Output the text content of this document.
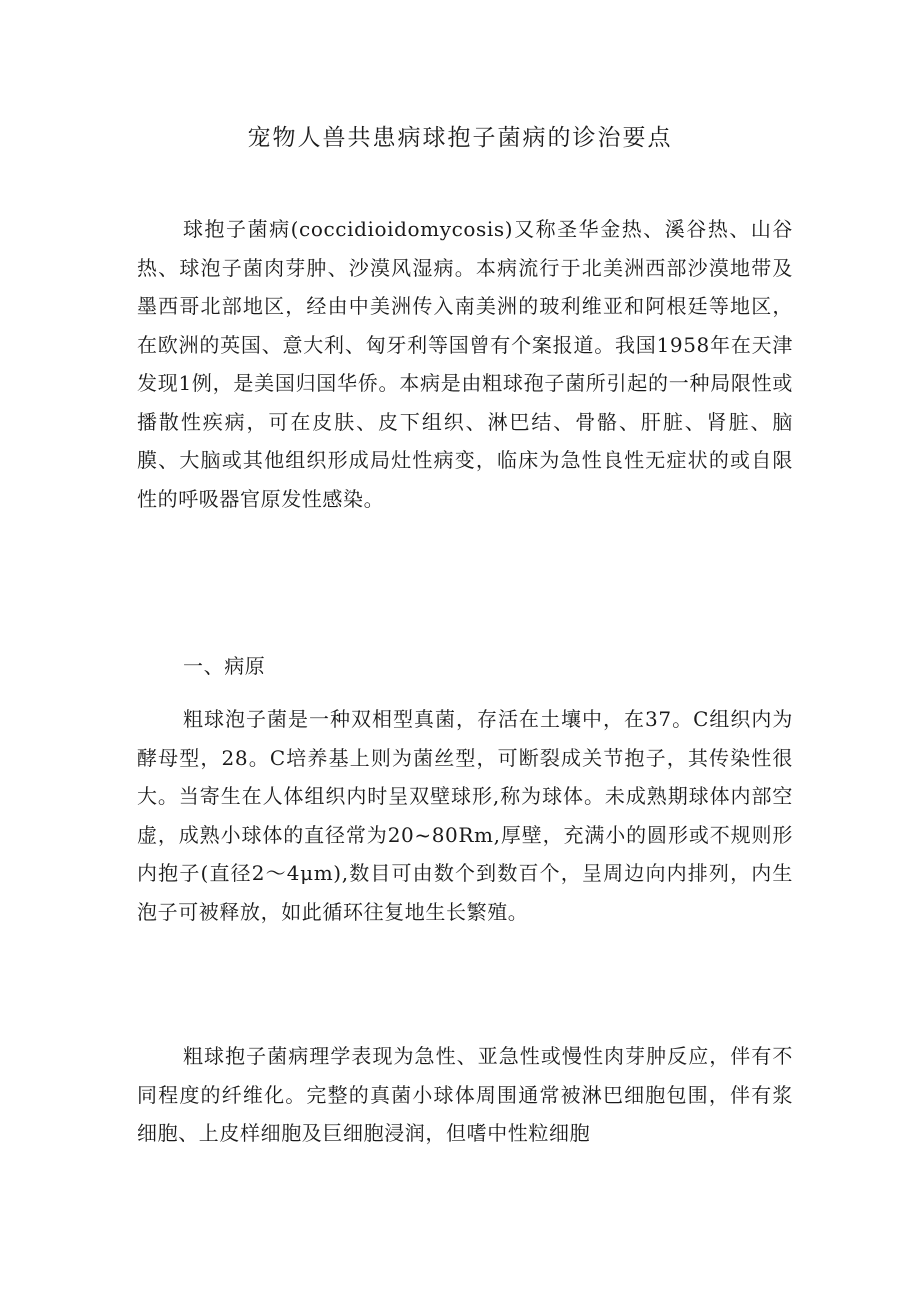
宠物人兽共患病球抱子菌病的诊治要点

球抱子菌病(coccidioidomycosis)又称圣华金热、溪谷热、山谷热、球泡子菌肉芽肿、沙漠风湿病。本病流行于北美洲西部沙漠地带及墨西哥北部地区，经由中美洲传入南美洲的玻利维亚和阿根廷等地区，在欧洲的英国、意大利、匈牙利等国曾有个案报道。我国1958年在天津发现1例，是美国归国华侨。本病是由粗球孢子菌所引起的一种局限性或播散性疾病，可在皮肤、皮下组织、淋巴结、骨骼、肝脏、肾脏、脑膜、大脑或其他组织形成局灶性病变，临床为急性良性无症状的或自限性的呼吸器官原发性感染。

一、病原

粗球泡子菌是一种双相型真菌，存活在土壤中，在37。C组织内为酵母型，28。C培养基上则为菌丝型，可断裂成关节抱子，其传染性很大。当寄生在人体组织内时呈双壁球形,称为球体。未成熟期球体内部空虚，成熟小球体的直径常为20~80Rm,厚壁，充满小的圆形或不规则形内抱子(直径2～4μm),数目可由数个到数百个，呈周边向内排列，内生泡子可被释放，如此循环往复地生长繁殖。

粗球抱子菌病理学表现为急性、亚急性或慢性肉芽肿反应，伴有不同程度的纤维化。完整的真菌小球体周围通常被淋巴细胞包围，伴有浆细胞、上皮样细胞及巨细胞浸润，但嗜中性粒细胞
